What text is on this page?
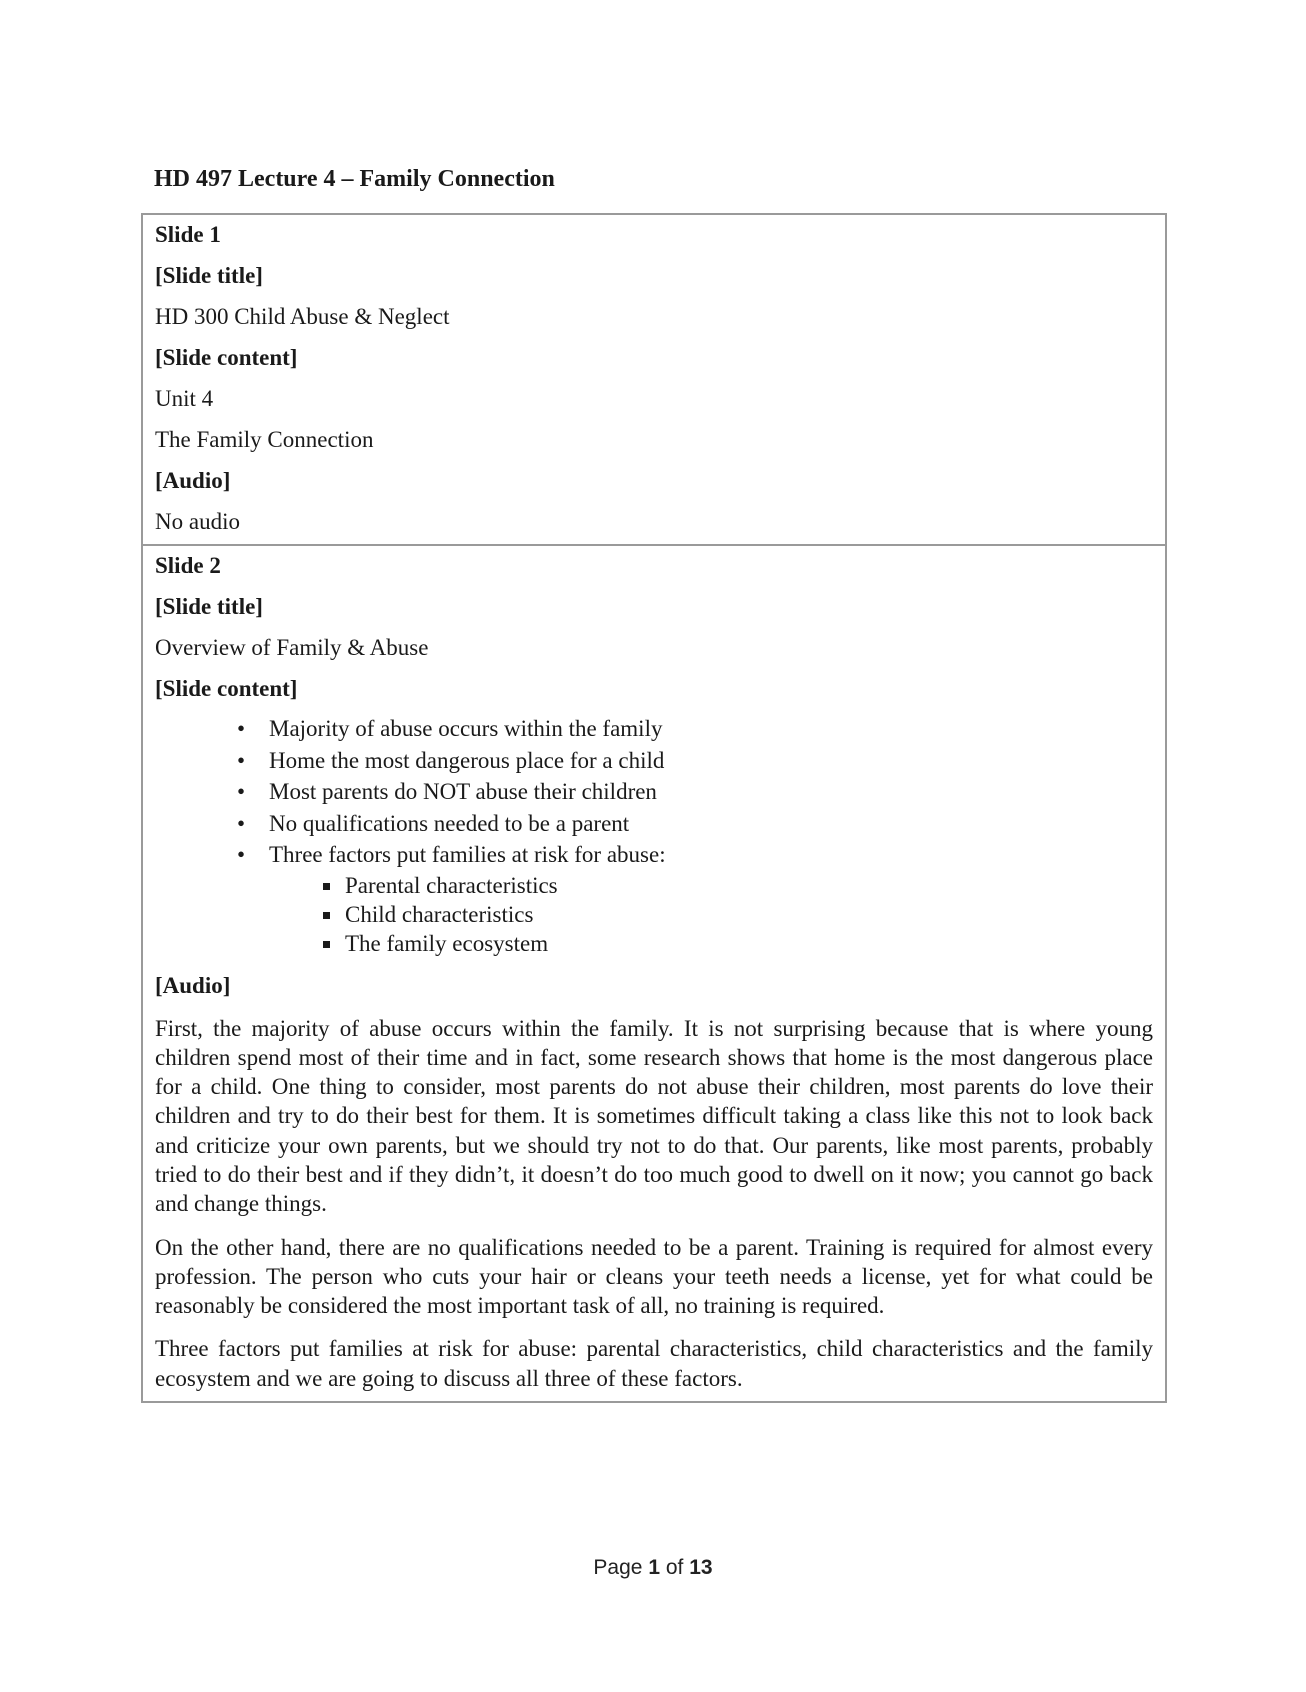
HD 497 Lecture 4 – Family Connection

Slide 1

[Slide title]

HD 300 Child Abuse & Neglect

[Slide content]

Unit 4

The Family Connection

[Audio]

No audio

Slide 2

[Slide title]

Overview of Family & Abuse

[Slide content]

• Majority of abuse occurs within the family
• Home the most dangerous place for a child
• Most parents do NOT abuse their children
• No qualifications needed to be a parent
• Three factors put families at risk for abuse:
Parental characteristics
Child characteristics
The family ecosystem

[Audio]

First, the majority of abuse occurs within the family. It is not surprising because that is where young children spend most of their time and in fact, some research shows that home is the most dangerous place for a child. One thing to consider, most parents do not abuse their children, most parents do love their children and try to do their best for them. It is sometimes difficult taking a class like this not to look back and criticize your own parents, but we should try not to do that. Our parents, like most parents, probably tried to do their best and if they didn’t, it doesn’t do too much good to dwell on it now; you cannot go back and change things.

On the other hand, there are no qualifications needed to be a parent. Training is required for almost every profession. The person who cuts your hair or cleans your teeth needs a license, yet for what could be reasonably be considered the most important task of all, no training is required.

Three factors put families at risk for abuse: parental characteristics, child characteristics and the family ecosystem and we are going to discuss all three of these factors.

Page 1 of 13
